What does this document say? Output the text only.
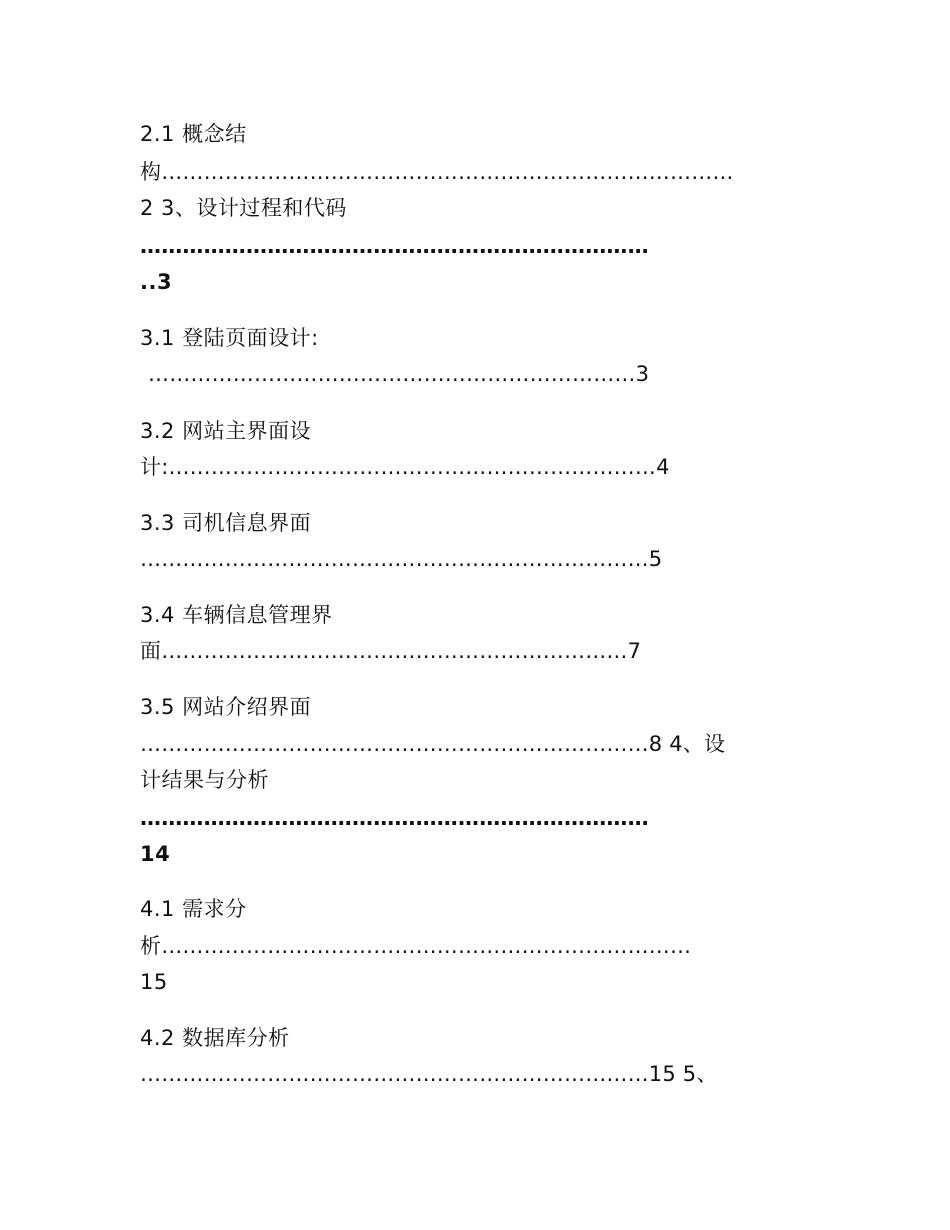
2.1 概念结

构………………………………………………………………………

2 3、设计过程和代码

………………………………………………………………

..3

3.1 登陆页面设计:

……………………………………………………………3

3.2 网站主界面设

计:……………………………………………………………4

3.3 司机信息界面

………………………………………………………………5

3.4 车辆信息管理界

面…………………………………………………………7

3.5 网站介绍界面

………………………………………………………………8 4、设

计结果与分析

………………………………………………………………

14

4.1 需求分

析…………………………………………………………………

15

4.2 数据库分析

………………………………………………………………15 5、
